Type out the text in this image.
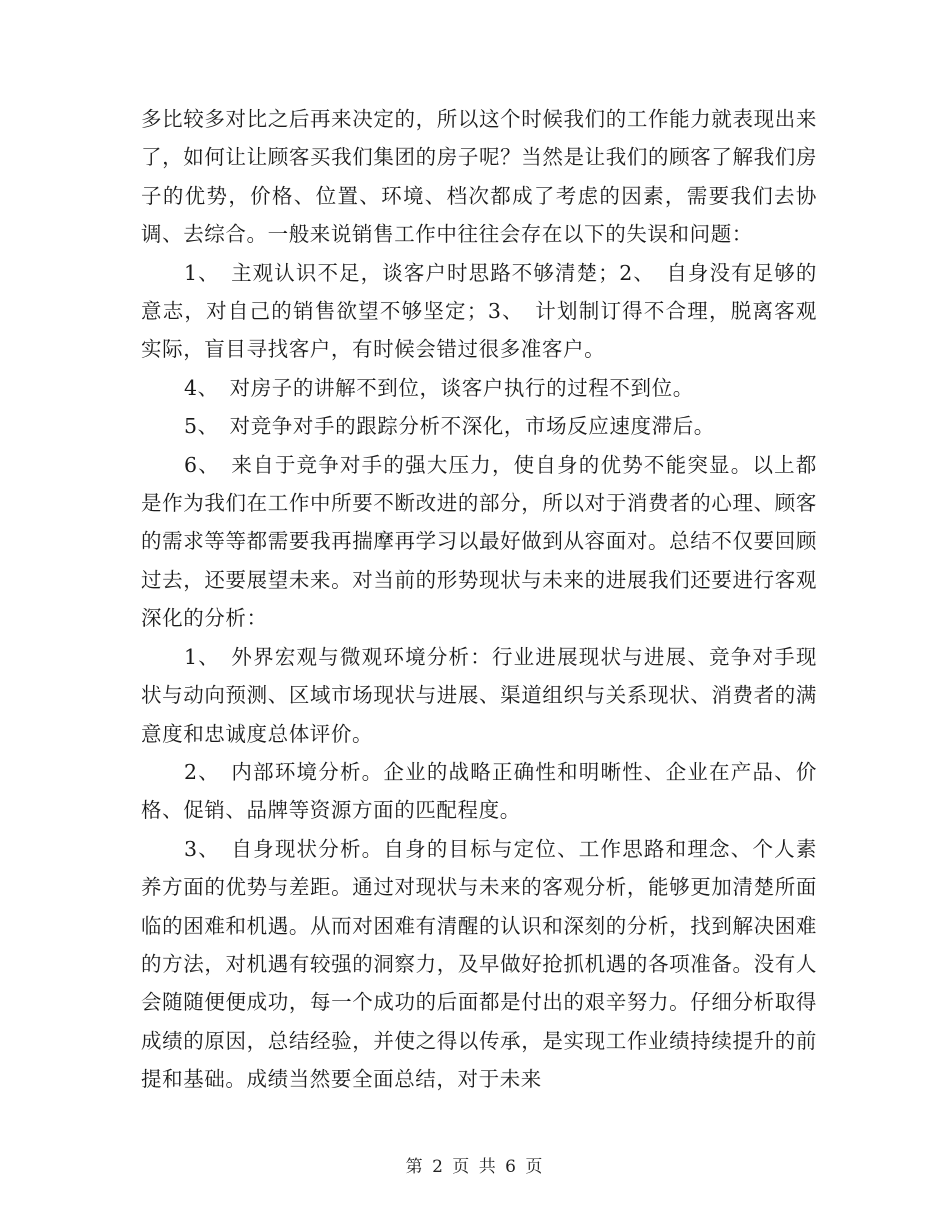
多比较多对比之后再来决定的，所以这个时候我们的工作能力就表现出来了，如何让让顾客买我们集团的房子呢？当然是让我们的顾客了解我们房子的优势，价格、位置、环境、档次都成了考虑的因素，需要我们去协调、去综合。一般来说销售工作中往往会存在以下的失误和问题：

1、　主观认识不足，谈客户时思路不够清楚；2、　自身没有足够的意志，对自己的销售欲望不够坚定；3、　计划制订得不合理，脱离客观实际，盲目寻找客户，有时候会错过很多准客户。

4、　对房子的讲解不到位，谈客户执行的过程不到位。

5、　对竞争对手的跟踪分析不深化，市场反应速度滞后。

6、　来自于竞争对手的强大压力，使自身的优势不能突显。以上都是作为我们在工作中所要不断改进的部分，所以对于消费者的心理、顾客的需求等等都需要我再揣摩再学习以最好做到从容面对。总结不仅要回顾过去，还要展望未来。对当前的形势现状与未来的进展我们还要进行客观深化的分析：

1、　外界宏观与微观环境分析：行业进展现状与进展、竞争对手现状与动向预测、区域市场现状与进展、渠道组织与关系现状、消费者的满意度和忠诚度总体评价。

2、　内部环境分析。企业的战略正确性和明晰性、企业在产品、价格、促销、品牌等资源方面的匹配程度。

3、　自身现状分析。自身的目标与定位、工作思路和理念、个人素养方面的优势与差距。通过对现状与未来的客观分析，能够更加清楚所面临的困难和机遇。从而对困难有清醒的认识和深刻的分析，找到解决困难的方法，对机遇有较强的洞察力，及早做好抢抓机遇的各项准备。没有人会随随便便成功，每一个成功的后面都是付出的艰辛努力。仔细分析取得成绩的原因，总结经验，并使之得以传承，是实现工作业绩持续提升的前提和基础。成绩当然要全面总结，对于未来

第 2 页 共 6 页
